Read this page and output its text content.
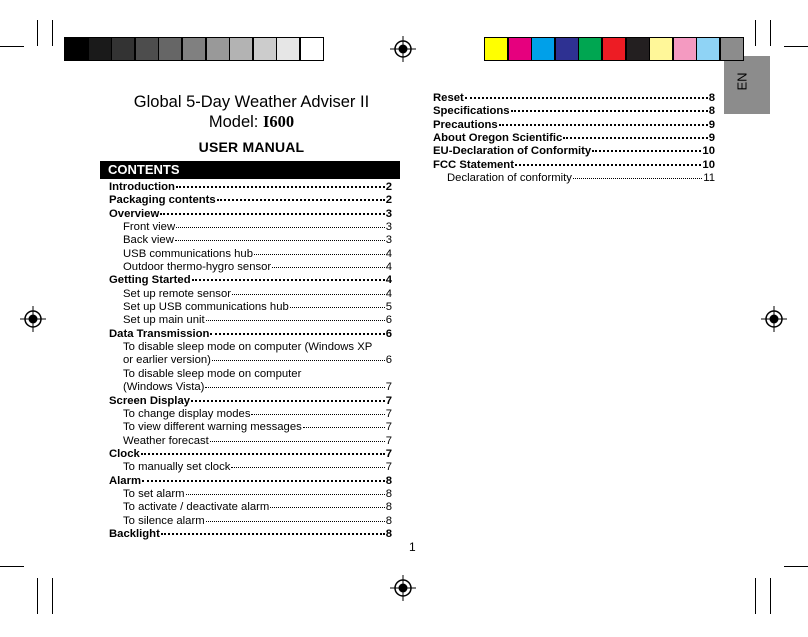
Global 5-Day Weather Adviser II
Model: I600
USER MANUAL
CONTENTS
Introduction	2
Packaging contents	2
Overview	3
Front view	3
Back view	3
USB communications hub	4
Outdoor thermo-hygro sensor	4
Getting Started	4
Set up remote sensor	4
Set up USB communications hub	5
Set up main unit	6
Data Transmission	6
To disable sleep mode on computer (Windows XP
or earlier version)	6
To disable sleep mode on computer
(Windows Vista)	7
Screen Display	7
To change display modes	7
To view different warning messages	7
Weather forecast	7
Clock	7
To manually set clock	7
Alarm	8
To set alarm	8
To activate / deactivate alarm	8
To silence alarm	8
Backlight	8
Reset	8
Specifications	8
Precautions	9
About Oregon Scientific	9
EU-Declaration of Conformity	10
FCC Statement	10
Declaration of conformity	11
1
EN
